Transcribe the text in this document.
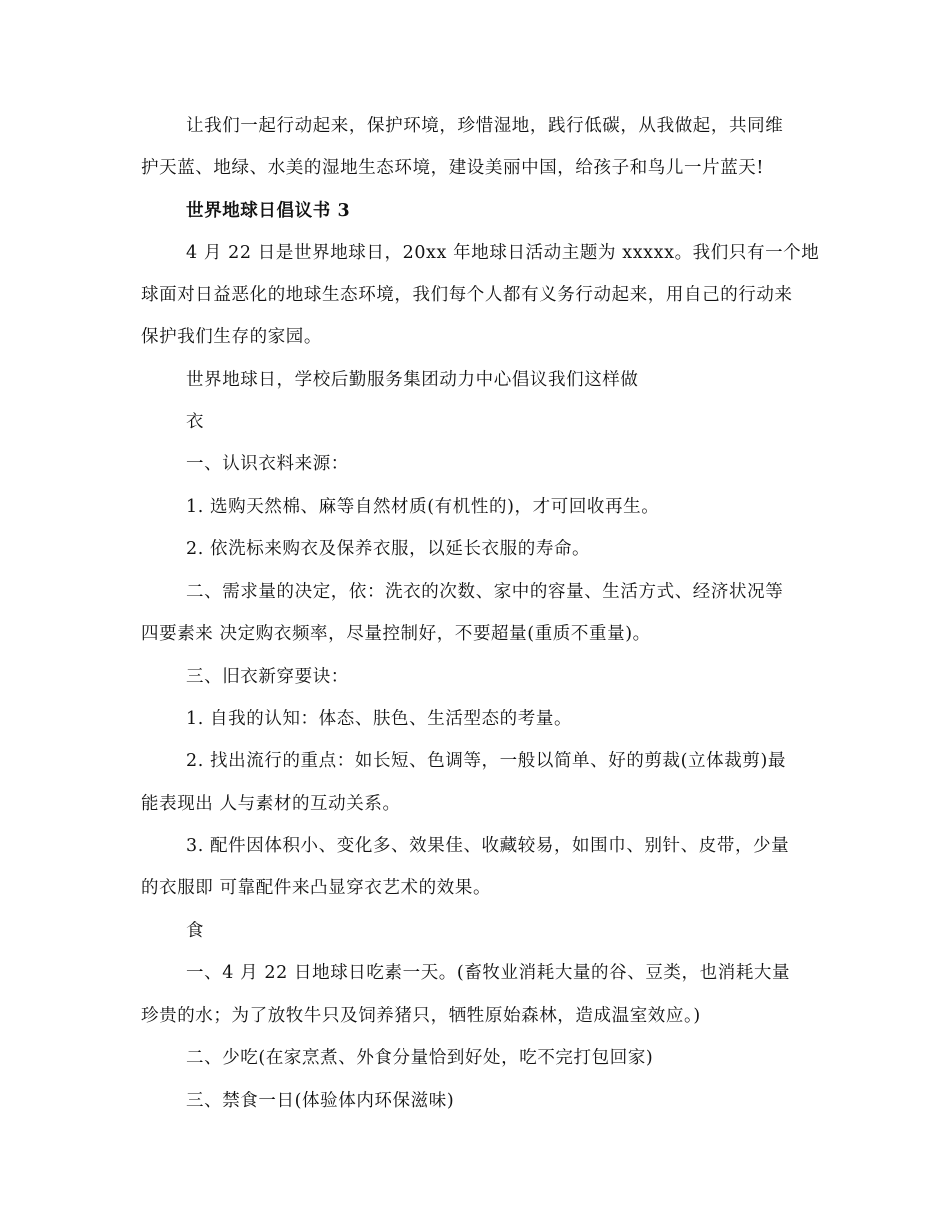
让我们一起行动起来，保护环境，珍惜湿地，践行低碳，从我做起，共同维
护天蓝、地绿、水美的湿地生态环境，建设美丽中国，给孩子和鸟儿一片蓝天!
世界地球日倡议书 3
4 月 22 日是世界地球日，20xx 年地球日活动主题为 xxxxx。我们只有一个地
球面对日益恶化的地球生态环境，我们每个人都有义务行动起来，用自己的行动来
保护我们生存的家园。
世界地球日，学校后勤服务集团动力中心倡议我们这样做
衣
一、认识衣料来源：
1. 选购天然棉、麻等自然材质(有机性的)，才可回收再生。
2. 依洗标来购衣及保养衣服，以延长衣服的寿命。
二、需求量的决定，依：洗衣的次数、家中的容量、生活方式、经济状况等
四要素来 决定购衣频率，尽量控制好，不要超量(重质不重量)。
三、旧衣新穿要诀：
1. 自我的认知：体态、肤色、生活型态的考量。
2. 找出流行的重点：如长短、色调等，一般以简单、好的剪裁(立体裁剪)最
能表现出 人与素材的互动关系。
3. 配件因体积小、变化多、效果佳、收藏较易，如围巾、别针、皮带，少量
的衣服即 可靠配件来凸显穿衣艺术的效果。
食
一、4 月 22 日地球日吃素一天。(畜牧业消耗大量的谷、豆类，也消耗大量
珍贵的水；为了放牧牛只及饲养猪只，牺牲原始森林，造成温室效应。)
二、少吃(在家烹煮、外食分量恰到好处，吃不完打包回家)
三、禁食一日(体验体内环保滋味)
